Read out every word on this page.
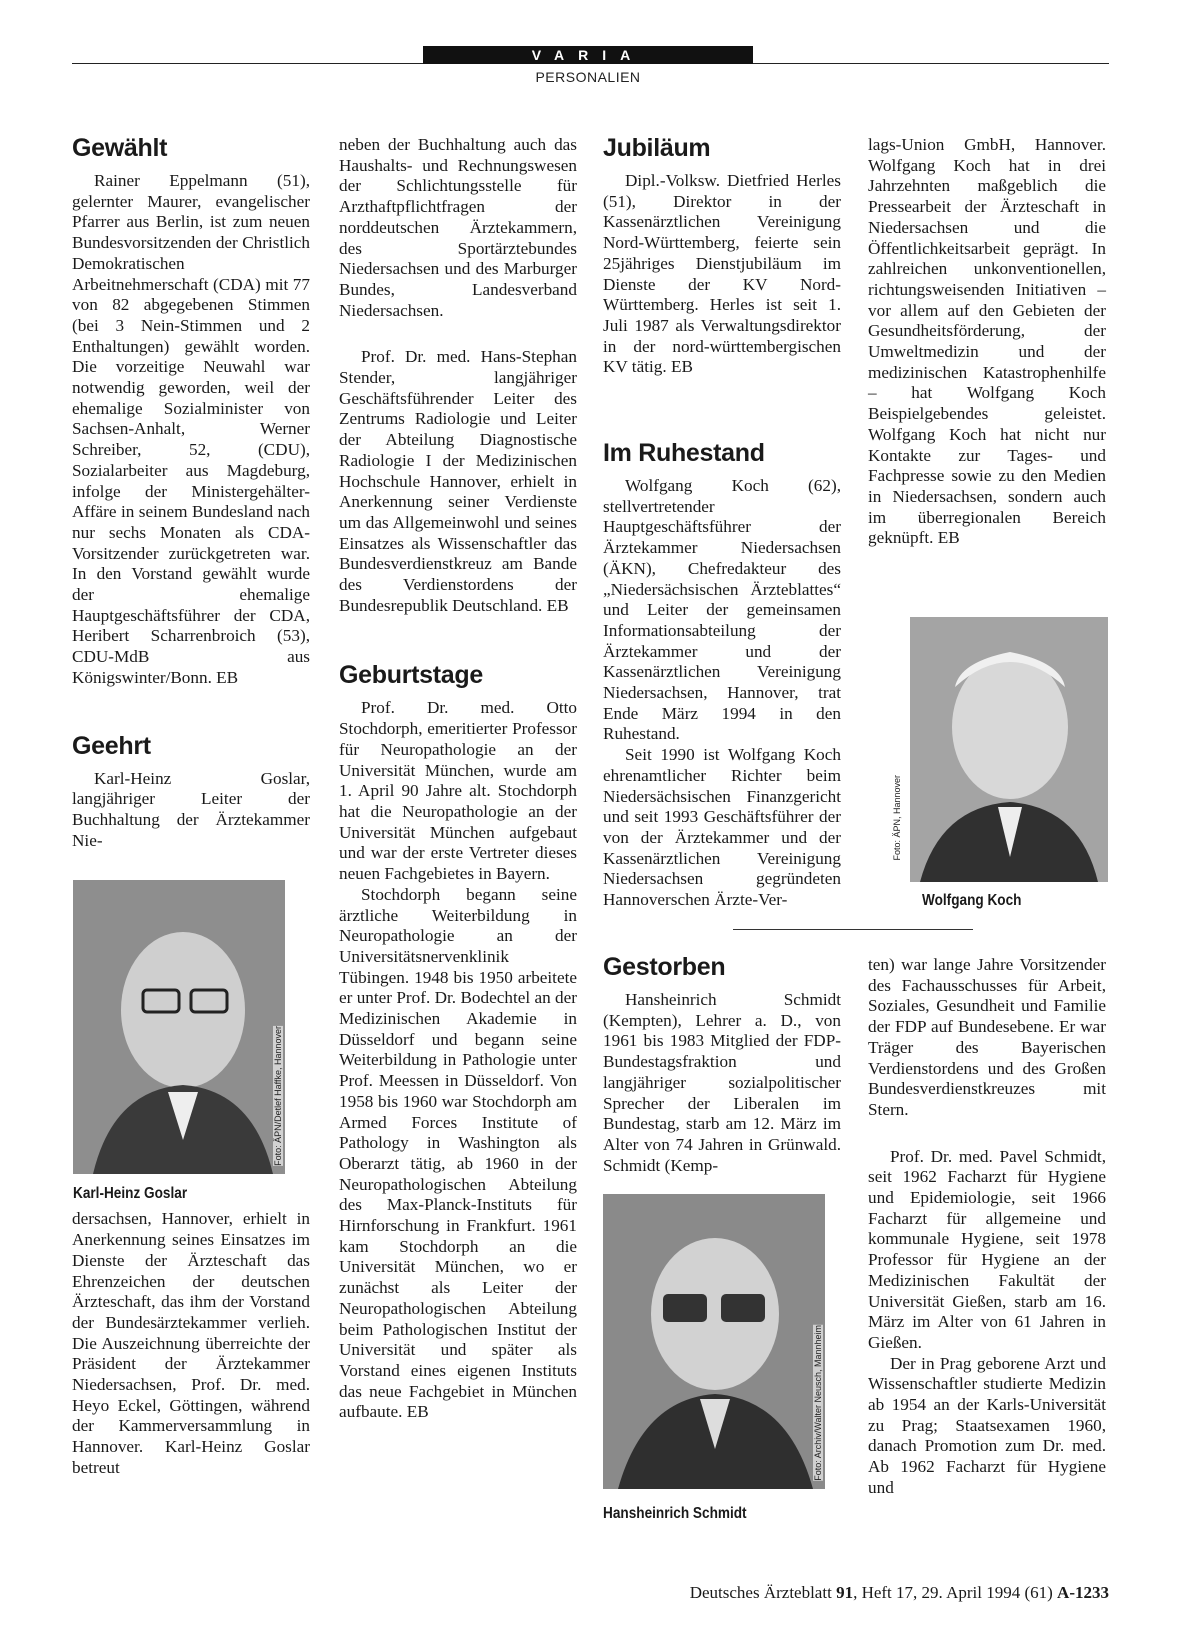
VARIA
PERSONALIEN
Gewählt

Rainer Eppelmann (51), gelernter Maurer, evangelischer Pfarrer aus Berlin, ist zum neuen Bundesvorsitzenden der Christlich Demokratischen Arbeitnehmerschaft (CDA) mit 77 von 82 abgegebenen Stimmen (bei 3 Nein-Stimmen und 2 Enthaltungen) gewählt worden. Die vorzeitige Neuwahl war notwendig geworden, weil der ehemalige Sozialminister von Sachsen-Anhalt, Werner Schreiber, 52, (CDU), Sozialarbeiter aus Magdeburg, infolge der Ministergehälter-Affäre in seinem Bundesland nach nur sechs Monaten als CDA-Vorsitzender zurückgetreten war. In den Vorstand gewählt wurde der ehemalige Hauptgeschäftsführer der CDA, Heribert Scharrenbroich (53), CDU-MdB aus Königswinter/Bonn. EB

Geehrt

Karl-Heinz Goslar, langjähriger Leiter der Buchhaltung der Ärztekammer Nie-

dersachsen, Hannover, erhielt in Anerkennung seines Einsatzes im Dienste der Ärzteschaft das Ehrenzeichen der deutschen Ärzteschaft, das ihm der Vorstand der Bundesärztekammer verlieh. Die Auszeichnung überreichte der Präsident der Ärztekammer Niedersachsen, Prof. Dr. med. Heyo Eckel, Göttingen, während der Kammerversammlung in Hannover. Karl-Heinz Goslar betreut

Foto: ÄPN/Detlef Haffke, Hannover
Karl-Heinz Goslar

neben der Buchhaltung auch das Haushalts- und Rechnungswesen der Schlichtungsstelle für Arzthaftpflichtfragen der norddeutschen Ärztekammern, des Sportärztebundes Niedersachsen und des Marburger Bundes, Landesverband Niedersachsen.

Prof. Dr. med. Hans-Stephan Stender, langjähriger Geschäftsführender Leiter des Zentrums Radiologie und Leiter der Abteilung Diagnostische Radiologie I der Medizinischen Hochschule Hannover, erhielt in Anerkennung seiner Verdienste um das Allgemeinwohl und seines Einsatzes als Wissenschaftler das Bundesverdienstkreuz am Bande des Verdienstordens der Bundesrepublik Deutschland. EB

Geburtstage

Prof. Dr. med. Otto Stochdorph, emeritierter Professor für Neuropathologie an der Universität München, wurde am 1. April 90 Jahre alt. Stochdorph hat die Neuropathologie an der Universität München aufgebaut und war der erste Vertreter dieses neuen Fachgebietes in Bayern.

Stochdorph begann seine ärztliche Weiterbildung in Neuropathologie an der Universitätsnervenklinik Tübingen. 1948 bis 1950 arbeitete er unter Prof. Dr. Bodechtel an der Medizinischen Akademie in Düsseldorf und begann seine Weiterbildung in Pathologie unter Prof. Meessen in Düsseldorf. Von 1958 bis 1960 war Stochdorph am Armed Forces Institute of Pathology in Washington als Oberarzt tätig, ab 1960 in der Neuropathologischen Abteilung des Max-Planck-Instituts für Hirnforschung in Frankfurt. 1961 kam Stochdorph an die Universität München, wo er zunächst als Leiter der Neuropathologischen Abteilung beim Pathologischen Institut der Universität und später als Vorstand eines eigenen Instituts das neue Fachgebiet in München aufbaute. EB

Jubiläum

Dipl.-Volksw. Dietfried Herles (51), Direktor in der Kassenärztlichen Vereinigung Nord-Württemberg, feierte sein 25jähriges Dienstjubiläum im Dienste der KV Nord-Württemberg. Herles ist seit 1. Juli 1987 als Verwaltungsdirektor in der nord-württembergischen KV tätig. EB

Im Ruhestand

Wolfgang Koch (62), stellvertretender Hauptgeschäftsführer der Ärztekammer Niedersachsen (ÄKN), Chefredakteur des „Niedersächsischen Ärzteblattes“ und Leiter der gemeinsamen Informationsabteilung der Ärztekammer und der Kassenärztlichen Vereinigung Niedersachsen, Hannover, trat Ende März 1994 in den Ruhestand.

Seit 1990 ist Wolfgang Koch ehrenamtlicher Richter beim Niedersächsischen Finanzgericht und seit 1993 Geschäftsführer der von der Ärztekammer und der Kassenärztlichen Vereinigung Niedersachsen gegründeten Hannoverschen Ärzte-Ver-

lags-Union GmbH, Hannover. Wolfgang Koch hat in drei Jahrzehnten maßgeblich die Pressearbeit der Ärzteschaft in Niedersachsen und die Öffentlichkeitsarbeit geprägt. In zahlreichen unkonventionellen, richtungsweisenden Initiativen – vor allem auf den Gebieten der Gesundheitsförderung, der Umweltmedizin und der medizinischen Katastrophenhilfe – hat Wolfgang Koch Beispielgebendes geleistet. Wolfgang Koch hat nicht nur Kontakte zur Tages- und Fachpresse sowie zu den Medien in Niedersachsen, sondern auch im überregionalen Bereich geknüpft. EB

Foto: ÄPN, Hannover
Wolfgang Koch
Gestorben

Hansheinrich Schmidt (Kempten), Lehrer a. D., von 1961 bis 1983 Mitglied der FDP-Bundestagsfraktion und langjähriger sozialpolitischer Sprecher der Liberalen im Bundestag, starb am 12. März im Alter von 74 Jahren in Grünwald. Schmidt (Kemp-

Foto: Archiv/Walter Neusch, Mannheim
Hansheinrich Schmidt

ten) war lange Jahre Vorsitzender des Fachausschusses für Arbeit, Soziales, Gesundheit und Familie der FDP auf Bundesebene. Er war Träger des Bayerischen Verdienstordens und des Großen Bundesverdienstkreuzes mit Stern.

Prof. Dr. med. Pavel Schmidt, seit 1962 Facharzt für Hygiene und Epidemiologie, seit 1966 Facharzt für allgemeine und kommunale Hygiene, seit 1978 Professor für Hygiene an der Medizinischen Fakultät der Universität Gießen, starb am 16. März im Alter von 61 Jahren in Gießen.

Der in Prag geborene Arzt und Wissenschaftler studierte Medizin ab 1954 an der Karls-Universität zu Prag; Staatsexamen 1960, danach Promotion zum Dr. med. Ab 1962 Facharzt für Hygiene und

Deutsches Ärzteblatt 91, Heft 17, 29. April 1994 (61) A-1233
